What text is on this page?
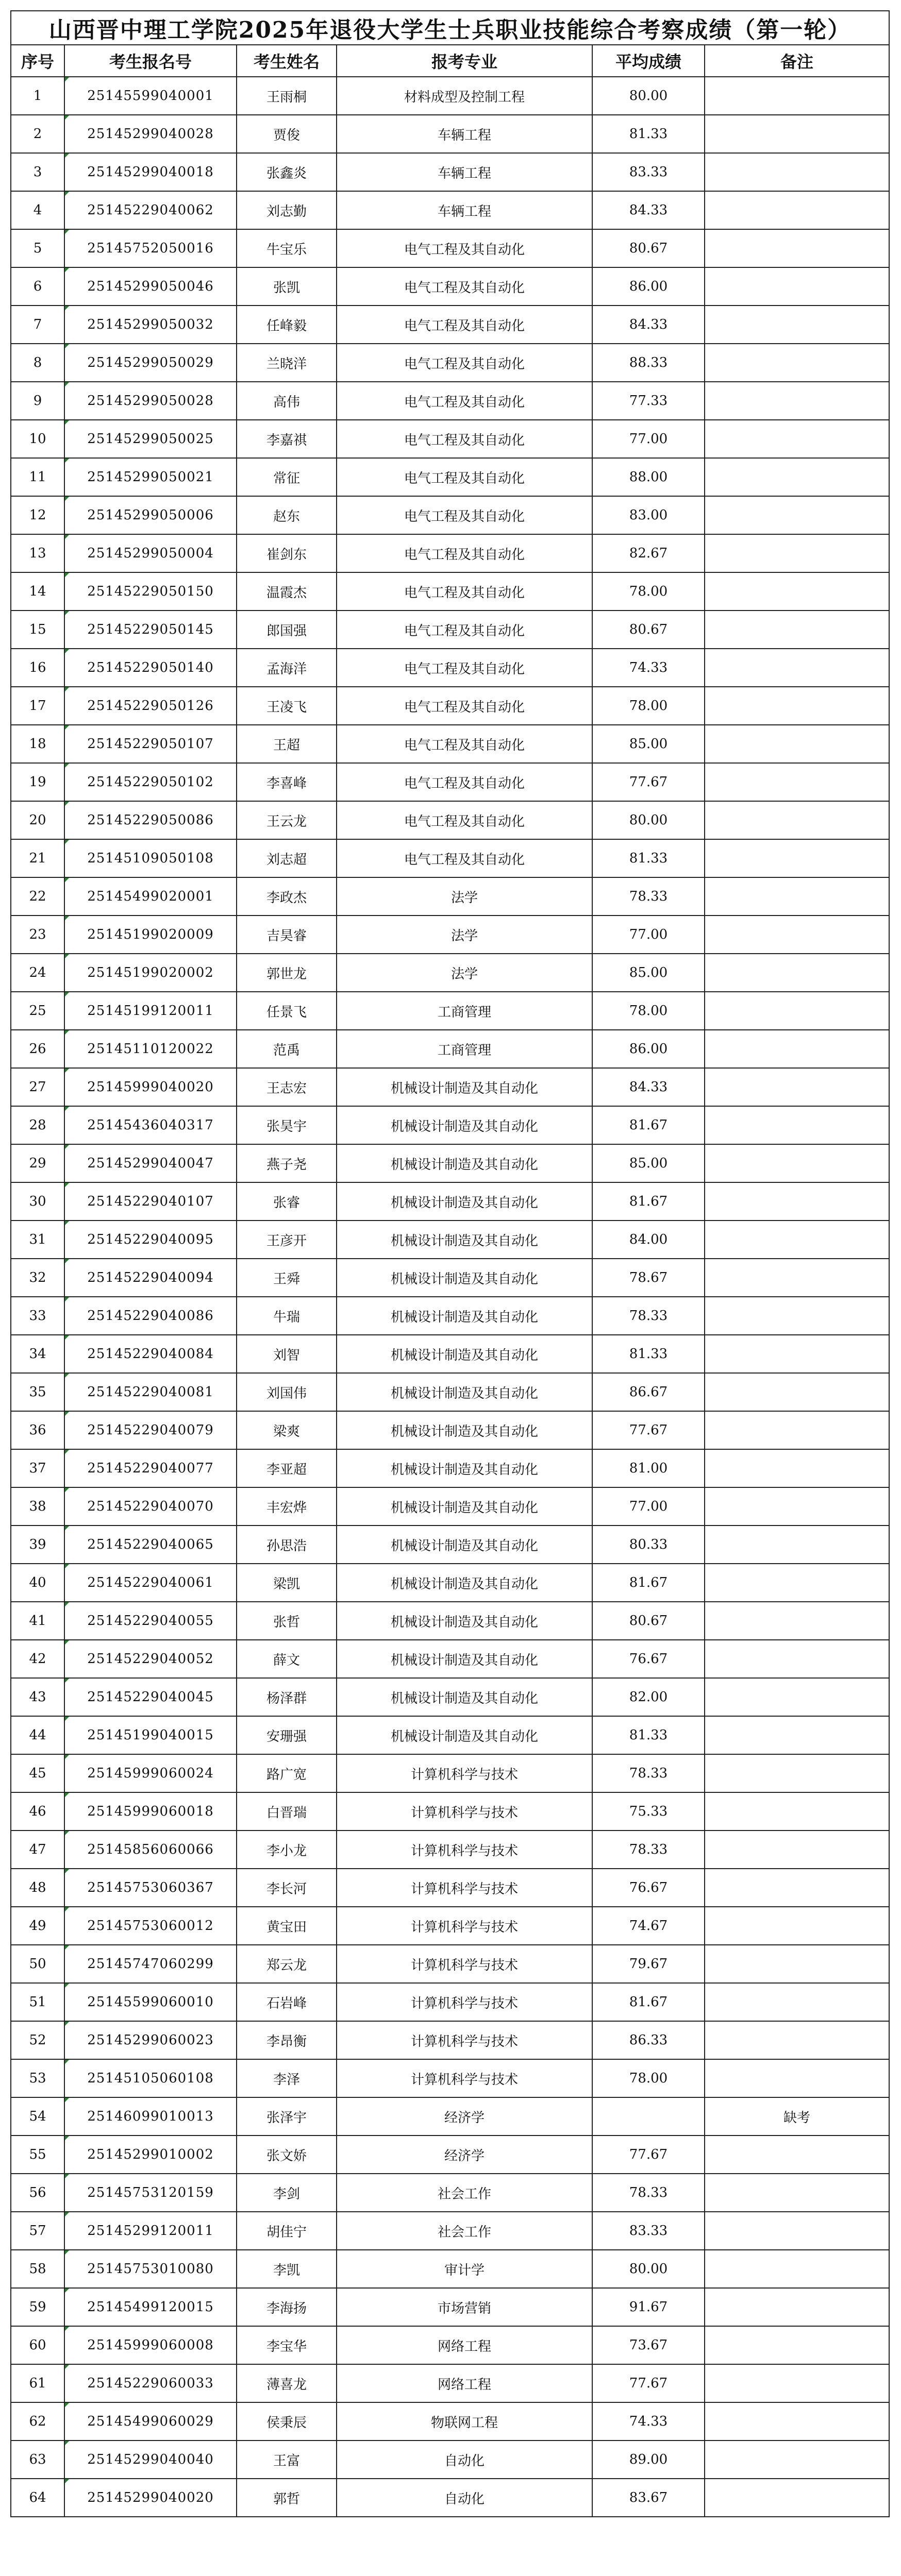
山西晋中理工学院2025年退役大学生士兵职业技能综合考察成绩（第一轮）					
序号	考生报名号	考生姓名	报考专业	平均成绩	备注
1	25145599040001	王雨桐	材料成型及控制工程	80.00	
2	25145299040028	贾俊	车辆工程	81.33	
3	25145299040018	张鑫炎	车辆工程	83.33	
4	25145229040062	刘志勤	车辆工程	84.33	
5	25145752050016	牛宝乐	电气工程及其自动化	80.67	
6	25145299050046	张凯	电气工程及其自动化	86.00	
7	25145299050032	任峰毅	电气工程及其自动化	84.33	
8	25145299050029	兰晓洋	电气工程及其自动化	88.33	
9	25145299050028	高伟	电气工程及其自动化	77.33	
10	25145299050025	李嘉祺	电气工程及其自动化	77.00	
11	25145299050021	常征	电气工程及其自动化	88.00	
12	25145299050006	赵东	电气工程及其自动化	83.00	
13	25145299050004	崔剑东	电气工程及其自动化	82.67	
14	25145229050150	温霞杰	电气工程及其自动化	78.00	
15	25145229050145	郎国强	电气工程及其自动化	80.67	
16	25145229050140	孟海洋	电气工程及其自动化	74.33	
17	25145229050126	王凌飞	电气工程及其自动化	78.00	
18	25145229050107	王超	电气工程及其自动化	85.00	
19	25145229050102	李喜峰	电气工程及其自动化	77.67	
20	25145229050086	王云龙	电气工程及其自动化	80.00	
21	25145109050108	刘志超	电气工程及其自动化	81.33	
22	25145499020001	李政杰	法学	78.33	
23	25145199020009	吉昊睿	法学	77.00	
24	25145199020002	郭世龙	法学	85.00	
25	25145199120011	任景飞	工商管理	78.00	
26	25145110120022	范禹	工商管理	86.00	
27	25145999040020	王志宏	机械设计制造及其自动化	84.33	
28	25145436040317	张昊宇	机械设计制造及其自动化	81.67	
29	25145299040047	燕子尧	机械设计制造及其自动化	85.00	
30	25145229040107	张睿	机械设计制造及其自动化	81.67	
31	25145229040095	王彦开	机械设计制造及其自动化	84.00	
32	25145229040094	王舜	机械设计制造及其自动化	78.67	
33	25145229040086	牛瑞	机械设计制造及其自动化	78.33	
34	25145229040084	刘智	机械设计制造及其自动化	81.33	
35	25145229040081	刘国伟	机械设计制造及其自动化	86.67	
36	25145229040079	梁爽	机械设计制造及其自动化	77.67	
37	25145229040077	李亚超	机械设计制造及其自动化	81.00	
38	25145229040070	丰宏烨	机械设计制造及其自动化	77.00	
39	25145229040065	孙思浩	机械设计制造及其自动化	80.33	
40	25145229040061	梁凯	机械设计制造及其自动化	81.67	
41	25145229040055	张哲	机械设计制造及其自动化	80.67	
42	25145229040052	薛文	机械设计制造及其自动化	76.67	
43	25145229040045	杨泽群	机械设计制造及其自动化	82.00	
44	25145199040015	安珊强	机械设计制造及其自动化	81.33	
45	25145999060024	路广宽	计算机科学与技术	78.33	
46	25145999060018	白晋瑞	计算机科学与技术	75.33	
47	25145856060066	李小龙	计算机科学与技术	78.33	
48	25145753060367	李长河	计算机科学与技术	76.67	
49	25145753060012	黄宝田	计算机科学与技术	74.67	
50	25145747060299	郑云龙	计算机科学与技术	79.67	
51	25145599060010	石岩峰	计算机科学与技术	81.67	
52	25145299060023	李昂衡	计算机科学与技术	86.33	
53	25145105060108	李泽	计算机科学与技术	78.00	
54	25146099010013	张泽宇	经济学		缺考
55	25145299010002	张文娇	经济学	77.67	
56	25145753120159	李剑	社会工作	78.33	
57	25145299120011	胡佳宁	社会工作	83.33	
58	25145753010080	李凯	审计学	80.00	
59	25145499120015	李海扬	市场营销	91.67	
60	25145999060008	李宝华	网络工程	73.67	
61	25145229060033	薄喜龙	网络工程	77.67	
62	25145499060029	侯秉辰	物联网工程	74.33	
63	25145299040040	王富	自动化	89.00	
64	25145299040020	郭哲	自动化	83.67	
